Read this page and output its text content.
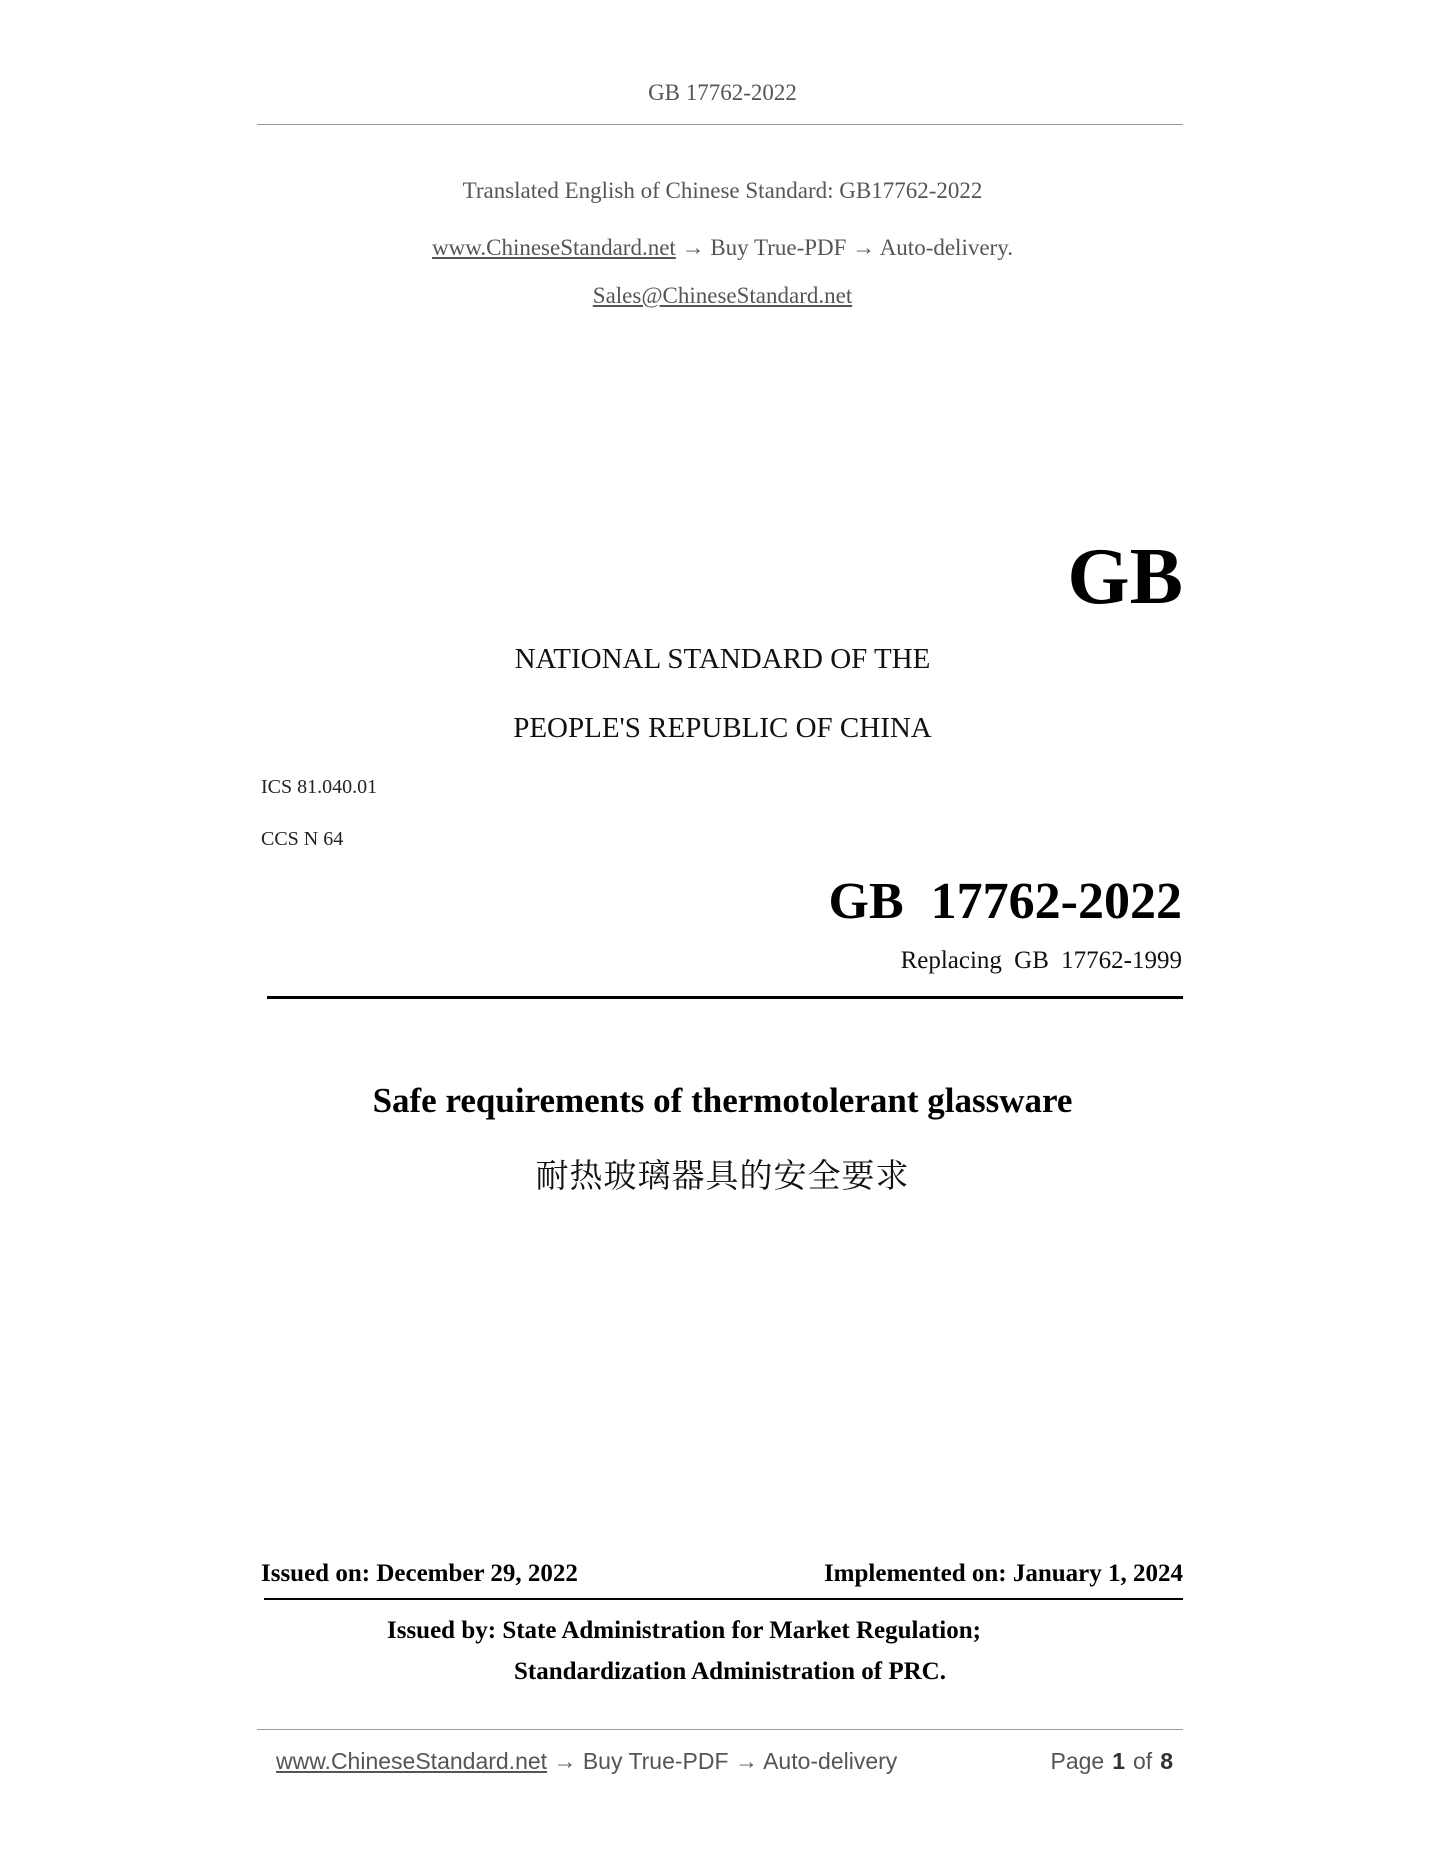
GB 17762-2022
Translated English of Chinese Standard: GB17762-2022
www.ChineseStandard.net → Buy True-PDF → Auto-delivery.
Sales@ChineseStandard.net
GB
NATIONAL STANDARD OF THE
PEOPLE'S REPUBLIC OF CHINA
ICS 81.040.01
CCS N 64
GB 17762-2022
Replacing GB 17762-1999
Safe requirements of thermotolerant glassware
耐热玻璃器具的安全要求
Issued on: December 29, 2022	Implemented on: January 1, 2024
Issued by: State Administration for Market Regulation;
Standardization Administration of PRC.
www.ChineseStandard.net → Buy True-PDF → Auto-delivery	Page 1 of 8
